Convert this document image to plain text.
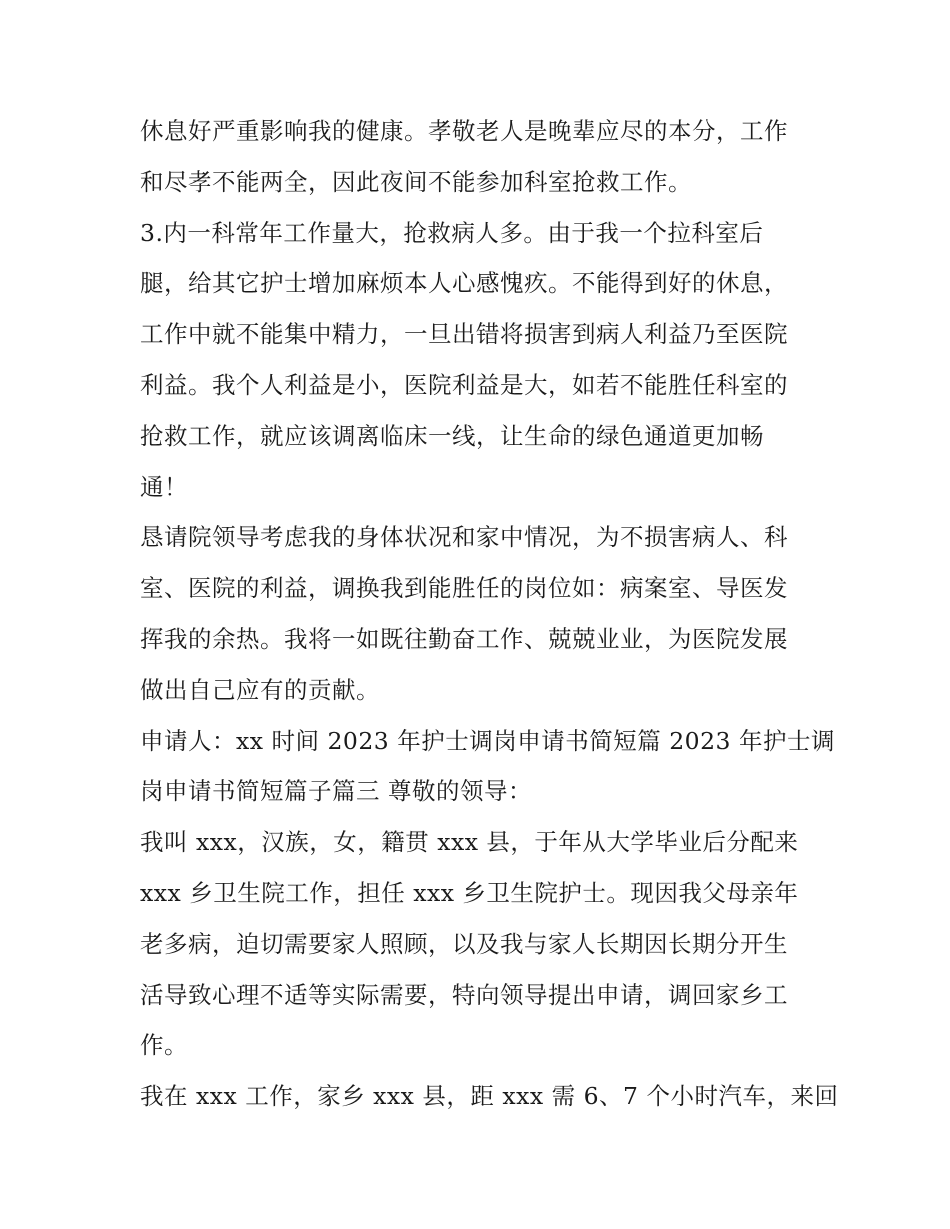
休息好严重影响我的健康。孝敬老人是晚辈应尽的本分，工作
和尽孝不能两全，因此夜间不能参加科室抢救工作。
3.内一科常年工作量大，抢救病人多。由于我一个拉科室后
腿，给其它护士增加麻烦本人心感愧疚。不能得到好的休息，
工作中就不能集中精力，一旦出错将损害到病人利益乃至医院
利益。我个人利益是小，医院利益是大，如若不能胜任科室的
抢救工作，就应该调离临床一线，让生命的绿色通道更加畅
通！
恳请院领导考虑我的身体状况和家中情况，为不损害病人、科
室、医院的利益，调换我到能胜任的岗位如：病案室、导医发
挥我的余热。我将一如既往勤奋工作、兢兢业业，为医院发展
做出自己应有的贡献。
申请人：xx 时间 2023 年护士调岗申请书简短篇 2023 年护士调
岗申请书简短篇子篇三 尊敬的领导：
我叫 xxx，汉族，女，籍贯 xxx 县，于年从大学毕业后分配来
xxx 乡卫生院工作，担任 xxx 乡卫生院护士。现因我父母亲年
老多病，迫切需要家人照顾，以及我与家人长期因长期分开生
活导致心理不适等实际需要，特向领导提出申请，调回家乡工
作。
我在 xxx 工作，家乡 xxx 县，距 xxx 需 6、7 个小时汽车，来回
